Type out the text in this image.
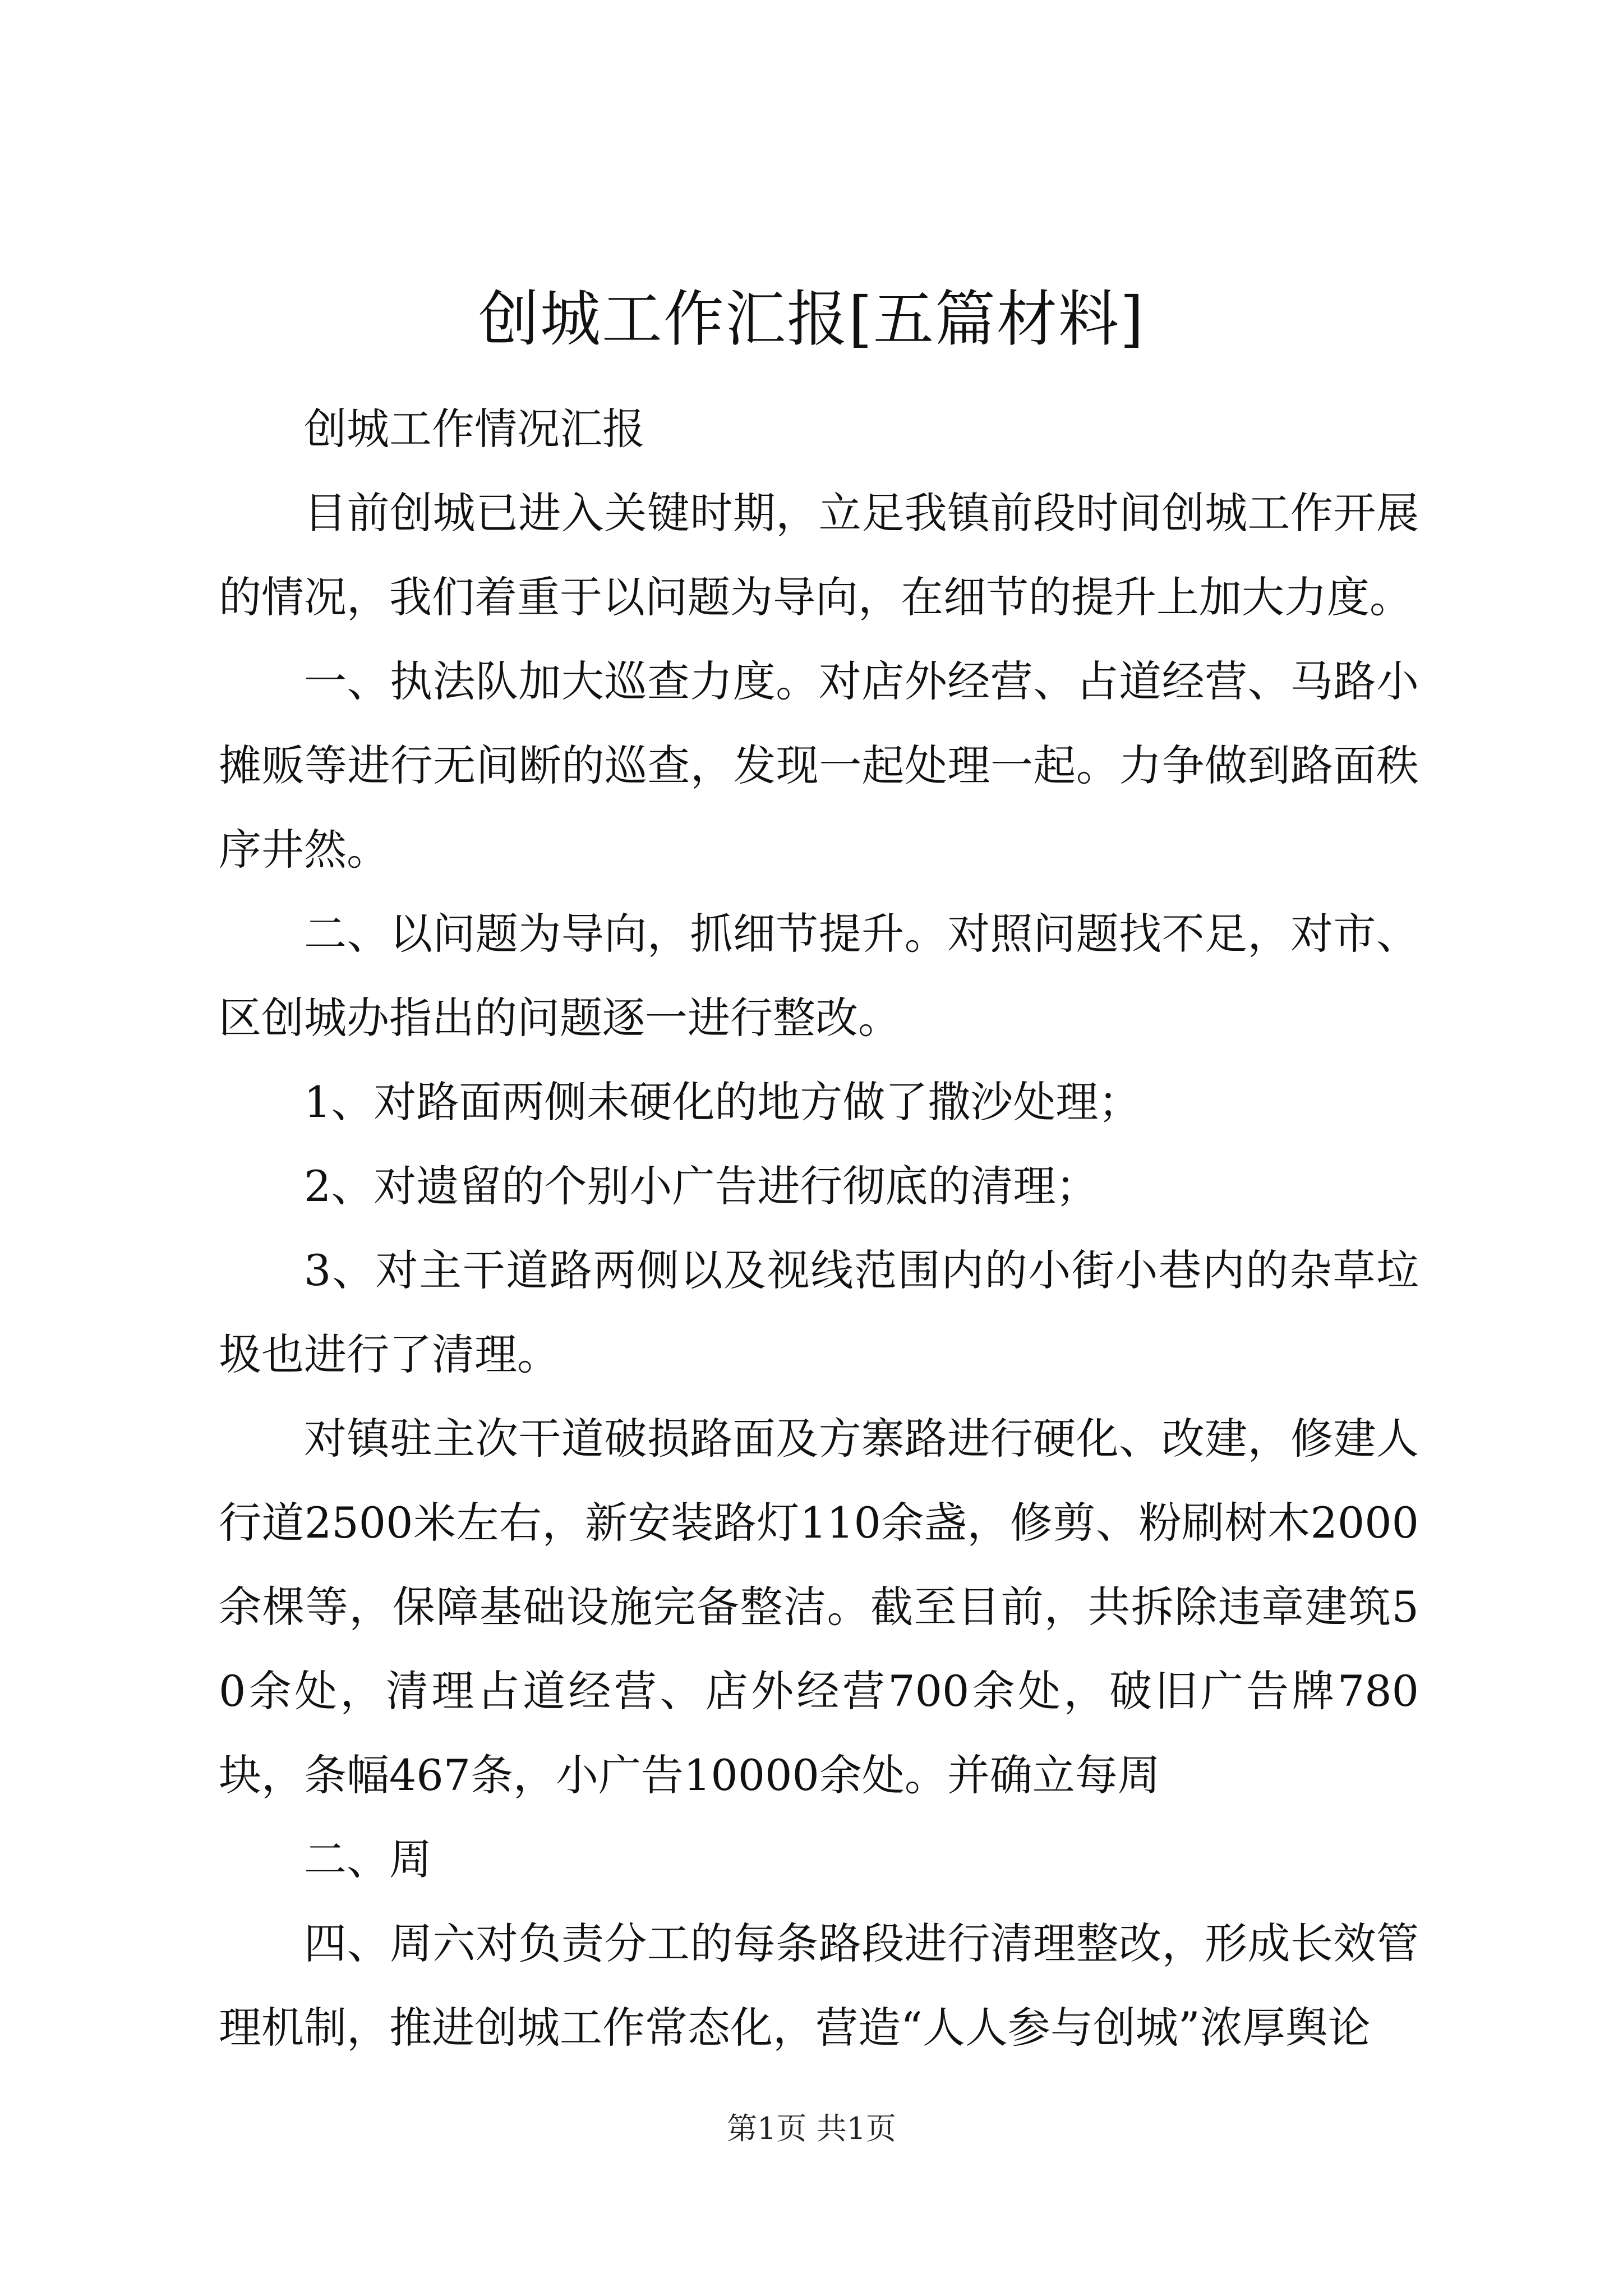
创城工作汇报[五篇材料]

创城工作情况汇报

目前创城已进入关键时期，立足我镇前段时间创城工作开展的情况，我们着重于以问题为导向，在细节的提升上加大力度。

一、执法队加大巡查力度。对店外经营、占道经营、马路小摊贩等进行无间断的巡查，发现一起处理一起。力争做到路面秩序井然。

二、以问题为导向，抓细节提升。对照问题找不足，对市、区创城办指出的问题逐一进行整改。

1、对路面两侧未硬化的地方做了撒沙处理；

2、对遗留的个别小广告进行彻底的清理；

3、对主干道路两侧以及视线范围内的小街小巷内的杂草垃圾也进行了清理。

对镇驻主次干道破损路面及方寨路进行硬化、改建，修建人行道2500米左右，新安装路灯110余盏，修剪、粉刷树木2000余棵等，保障基础设施完备整洁。截至目前，共拆除违章建筑50余处，清理占道经营、店外经营700余处，破旧广告牌780块，条幅467条，小广告10000余处。并确立每周

二、周

四、周六对负责分工的每条路段进行清理整改，形成长效管理机制，推进创城工作常态化，营造“人人参与创城”浓厚舆论

第1页 共1页
